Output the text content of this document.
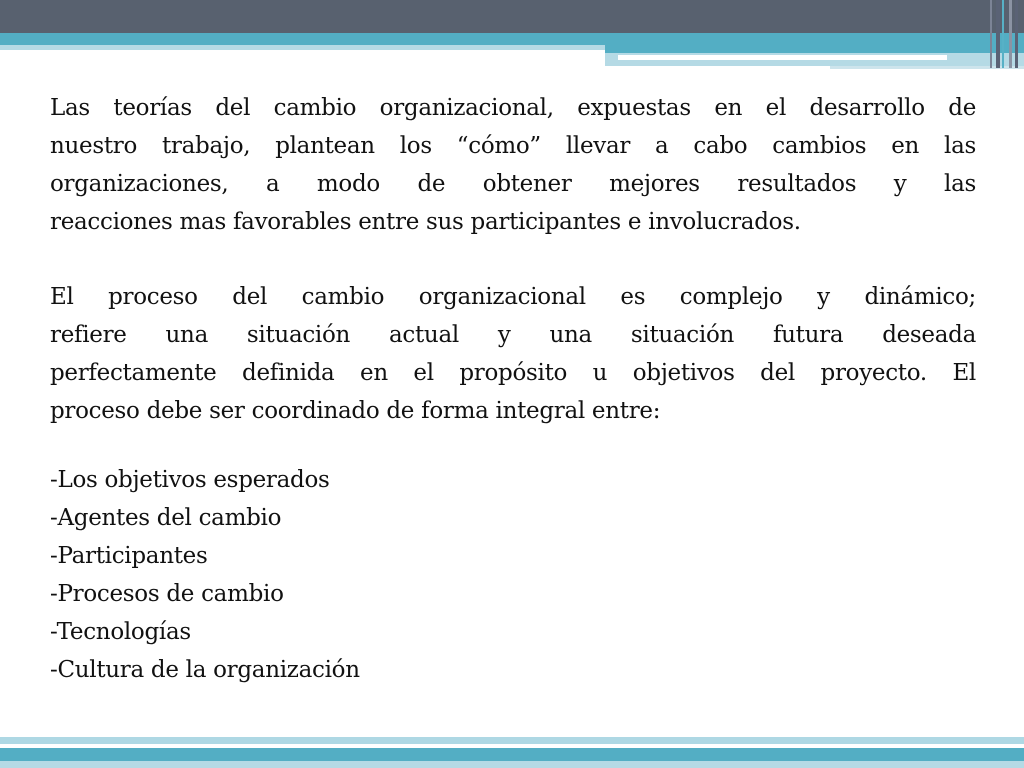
Las teorías del cambio organizacional, expuestas en el desarrollo de
nuestro trabajo, plantean los “cómo” llevar a cabo cambios en las
organizaciones, a modo de obtener mejores resultados y las
reacciones mas favorables entre sus participantes e involucrados.
El proceso del cambio organizacional es complejo y dinámico;
refiere una situación actual y una situación futura deseada
perfectamente definida en el propósito u objetivos del proyecto. El
proceso debe ser coordinado de forma integral entre:
-Los objetivos esperados
-Agentes del cambio
-Participantes
-Procesos de cambio
-Tecnologías
-Cultura de la organización
